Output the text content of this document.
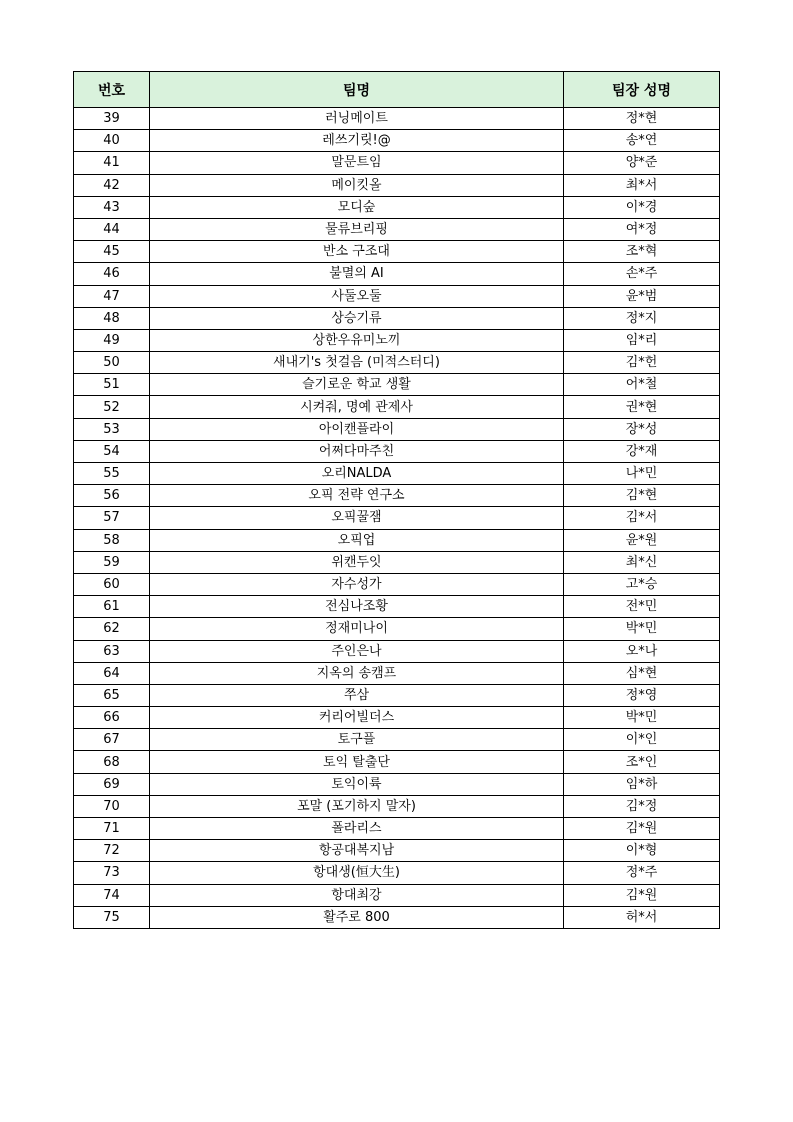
번호	팀명	팀장 성명
39	러닝메이트	정*현
40	레쓰기릿!@	송*연
41	말문트임	양*준
42	메이킷올	최*서
43	모디숲	이*경
44	물류브리핑	여*정
45	반소 구조대	조*혁
46	불멸의 AI	손*주
47	사둘오둘	윤*범
48	상승기류	정*지
49	상한우유미노끼	임*리
50	새내기's 첫걸음 (미적스터디)	김*헌
51	슬기로운 학교 생활	어*철
52	시켜줘, 명예 관제사	권*현
53	아이캔플라이	장*성
54	어쩌다마주친	강*재
55	오리NALDA	나*민
56	오픽 전략 연구소	김*현
57	오픽꿀잼	김*서
58	오픽업	윤*원
59	위캔두잇	최*신
60	자수성가	고*승
61	전심나조황	전*민
62	정재미나이	박*민
63	주인은나	오*나
64	지옥의 송캠프	심*현
65	쭈삼	정*영
66	커리어빌더스	박*민
67	토구플	이*인
68	토익 탈출단	조*인
69	토익이륙	임*하
70	포말 (포기하지 말자)	김*정
71	폴라리스	김*원
72	항공대복지남	이*형
73	항대생(恒大生)	정*주
74	항대최강	김*원
75	활주로 800	허*서
